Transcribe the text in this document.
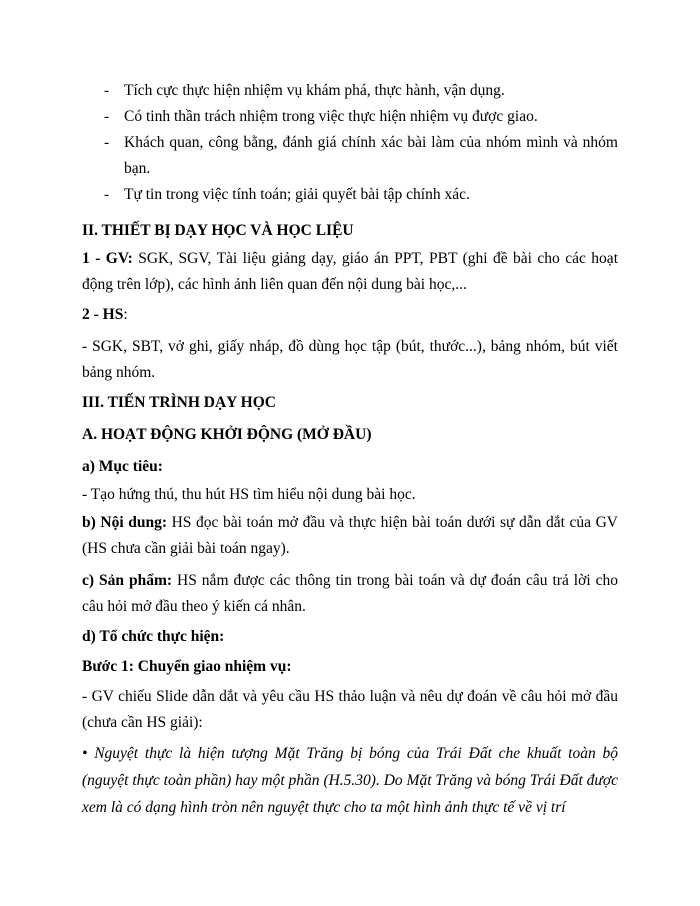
- Tích cực thực hiện nhiệm vụ khám phá, thực hành, vận dụng.
- Có tinh thần trách nhiệm trong việc thực hiện nhiệm vụ được giao.
- Khách quan, công bằng, đánh giá chính xác bài làm của nhóm mình và nhóm bạn.
- Tự tin trong việc tính toán; giải quyết bài tập chính xác.

II. THIẾT BỊ DẠY HỌC VÀ HỌC LIỆU

1 - GV: SGK, SGV, Tài liệu giảng dạy, giáo án PPT, PBT (ghi đề bài cho các hoạt động trên lớp), các hình ảnh liên quan đến nội dung bài học,...

2 - HS:

- SGK, SBT, vở ghi, giấy nháp, đồ dùng học tập (bút, thước...), bảng nhóm, bút viết bảng nhóm.

III. TIẾN TRÌNH DẠY HỌC

A. HOẠT ĐỘNG KHỞI ĐỘNG (MỞ ĐẦU)

a) Mục tiêu:

- Tạo hứng thú, thu hút HS tìm hiểu nội dung bài học.

b) Nội dung: HS đọc bài toán mở đầu và thực hiện bài toán dưới sự dẫn dắt của GV (HS chưa cần giải bài toán ngay).

c) Sản phẩm: HS nắm được các thông tin trong bài toán và dự đoán câu trả lời cho câu hỏi mở đầu theo ý kiến cá nhân.

d) Tổ chức thực hiện:

Bước 1: Chuyển giao nhiệm vụ:

- GV chiếu Slide dẫn dắt và yêu cầu HS thảo luận và nêu dự đoán về câu hỏi mở đầu (chưa cần HS giải):

• Nguyệt thực là hiện tượng Mặt Trăng bị bóng của Trái Đất che khuất toàn bộ (nguyệt thực toàn phần) hay một phần (H.5.30). Do Mặt Trăng và bóng Trái Đất được xem là có dạng hình tròn nên nguyệt thực cho ta một hình ảnh thực tế về vị trí
